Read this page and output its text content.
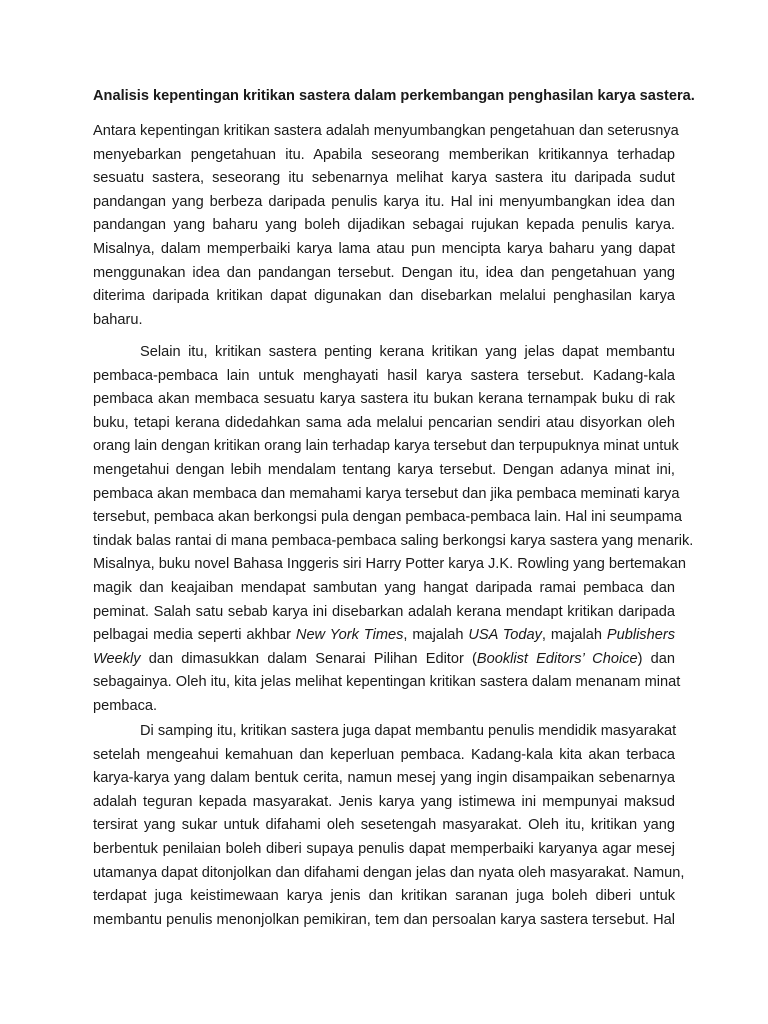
Analisis kepentingan kritikan sastera dalam perkembangan penghasilan karya sastera.
Antara kepentingan kritikan sastera adalah menyumbangkan pengetahuan dan seterusnya
menyebarkan pengetahuan itu. Apabila seseorang memberikan kritikannya terhadap
sesuatu sastera, seseorang itu sebenarnya melihat karya sastera itu daripada sudut
pandangan yang berbeza daripada penulis karya itu. Hal ini menyumbangkan idea dan
pandangan yang baharu yang boleh dijadikan sebagai rujukan kepada penulis karya.
Misalnya, dalam memperbaiki karya lama atau pun mencipta karya baharu yang dapat
menggunakan idea dan pandangan tersebut. Dengan itu, idea dan pengetahuan yang
diterima daripada kritikan dapat digunakan dan disebarkan melalui penghasilan karya
baharu.
Selain itu, kritikan sastera penting kerana kritikan yang jelas dapat membantu
pembaca-pembaca lain untuk menghayati hasil karya sastera tersebut. Kadang-kala
pembaca akan membaca sesuatu karya sastera itu bukan kerana ternampak buku di rak
buku, tetapi kerana didedahkan sama ada melalui pencarian sendiri atau disyorkan oleh
orang lain dengan kritikan orang lain terhadap karya tersebut dan terpupuknya minat untuk
mengetahui dengan lebih mendalam tentang karya tersebut. Dengan adanya minat ini,
pembaca akan membaca dan memahami karya tersebut dan jika pembaca meminati karya
tersebut, pembaca akan berkongsi pula dengan pembaca-pembaca lain. Hal ini seumpama
tindak balas rantai di mana pembaca-pembaca saling berkongsi karya sastera yang menarik.
Misalnya, buku novel Bahasa Inggeris siri Harry Potter karya J.K. Rowling yang bertemakan
magik dan keajaiban mendapat sambutan yang hangat daripada ramai pembaca dan
peminat. Salah satu sebab karya ini disebarkan adalah kerana mendapt kritikan daripada
pelbagai media seperti akhbar New York Times, majalah USA Today, majalah Publishers
Weekly dan dimasukkan dalam Senarai Pilihan Editor (Booklist Editors’ Choice) dan
sebagainya. Oleh itu, kita jelas melihat kepentingan kritikan sastera dalam menanam minat
pembaca.
Di samping itu, kritikan sastera juga dapat membantu penulis mendidik masyarakat
setelah mengeahui kemahuan dan keperluan pembaca. Kadang-kala kita akan terbaca
karya-karya yang dalam bentuk cerita, namun mesej yang ingin disampaikan sebenarnya
adalah teguran kepada masyarakat. Jenis karya yang istimewa ini mempunyai maksud
tersirat yang sukar untuk difahami oleh sesetengah masyarakat. Oleh itu, kritikan yang
berbentuk penilaian boleh diberi supaya penulis dapat memperbaiki karyanya agar mesej
utamanya dapat ditonjolkan dan difahami dengan jelas dan nyata oleh masyarakat. Namun,
terdapat juga keistimewaan karya jenis dan kritikan saranan juga boleh diberi untuk
membantu penulis menonjolkan pemikiran, tem dan persoalan karya sastera tersebut. Hal
